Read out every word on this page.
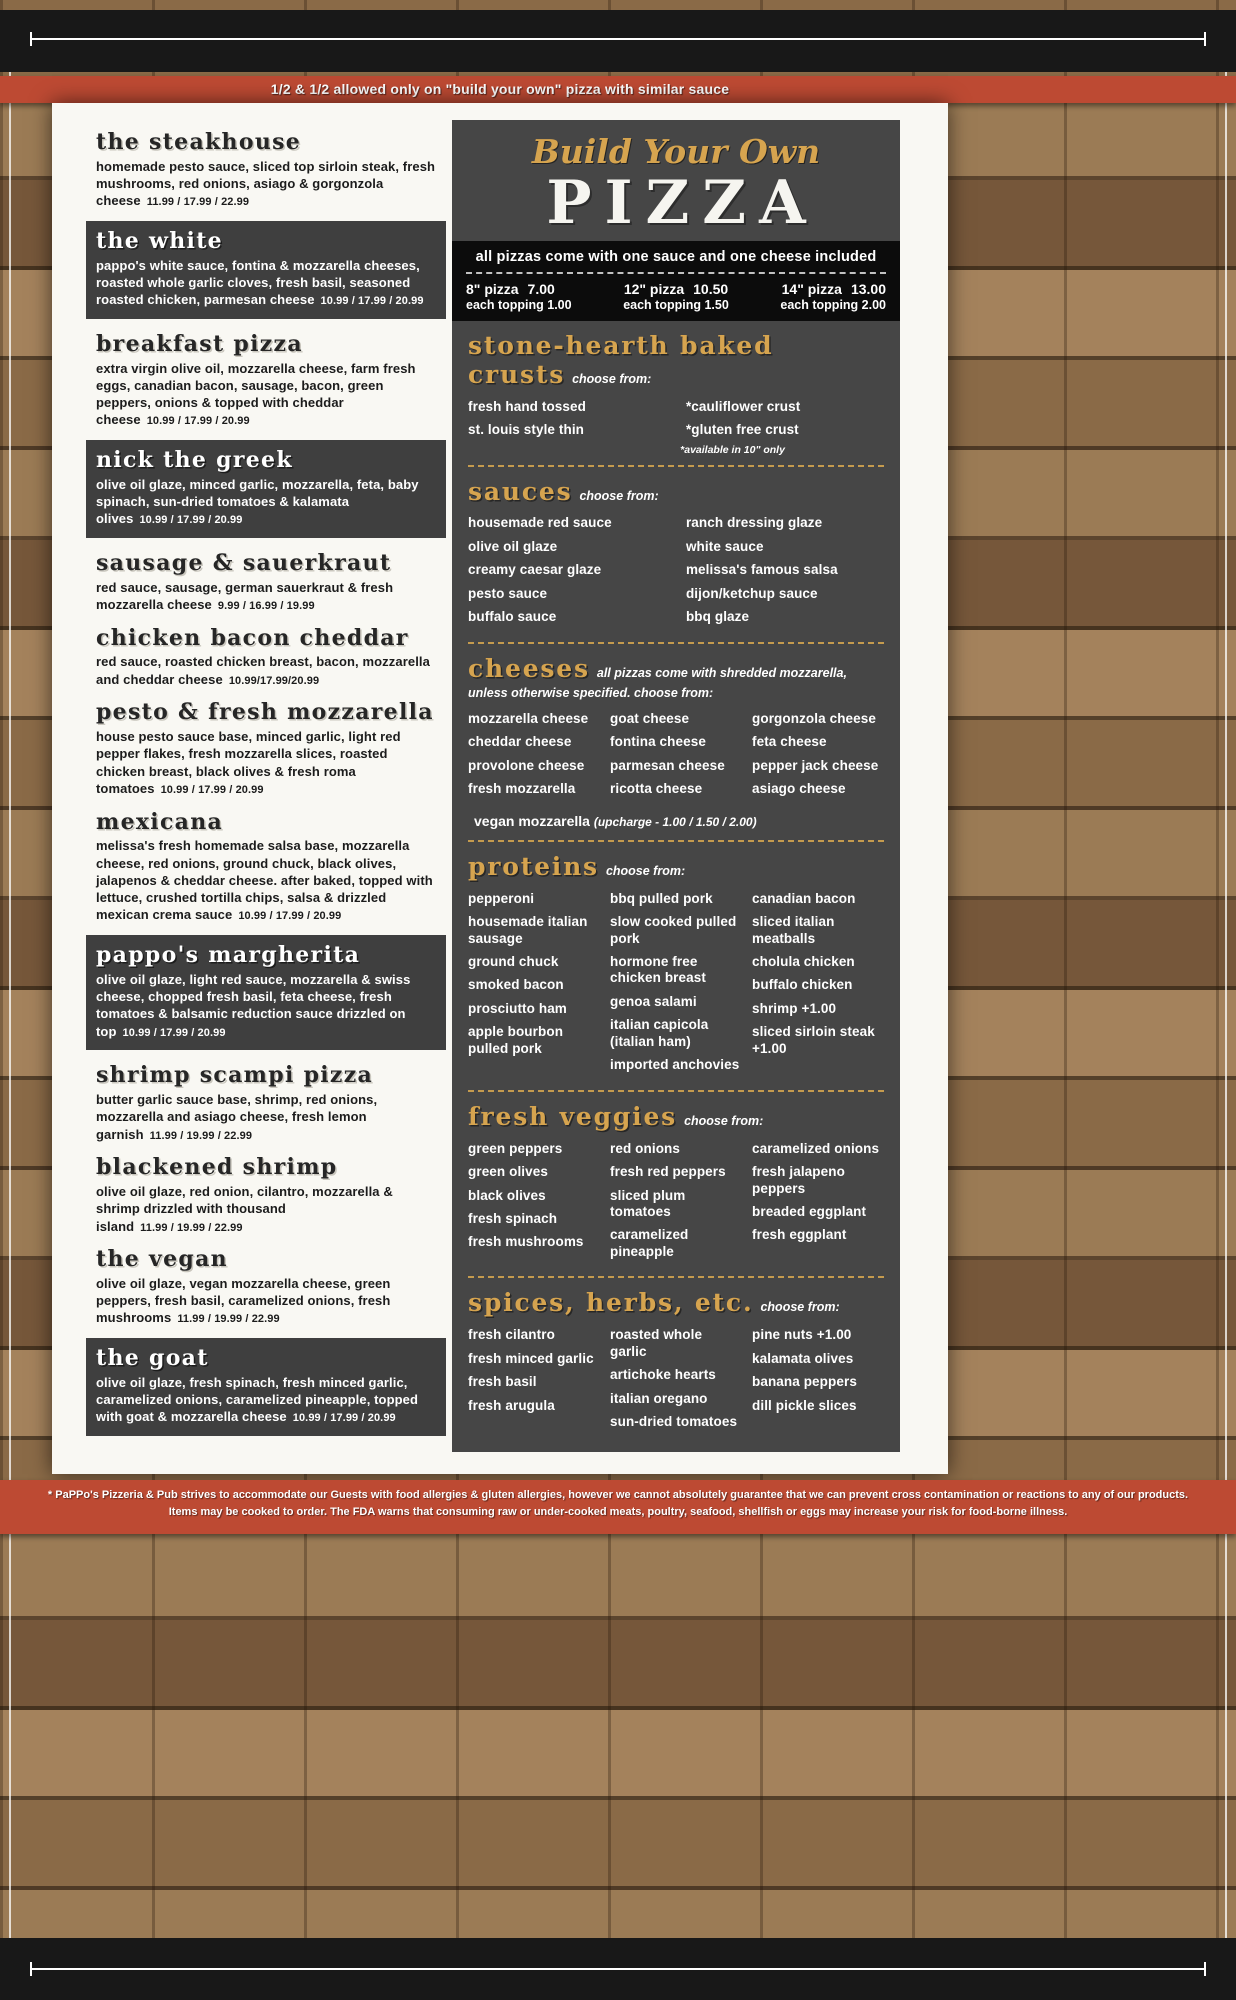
1/2 & 1/2 allowed only on "build your own" pizza with similar sauce
the steakhouse

homemade pesto sauce, sliced top sirloin steak, fresh mushrooms, red onions, asiago & gorgonzola cheese 11.99 / 17.99 / 22.99

the white

pappo's white sauce, fontina & mozzarella cheeses, roasted whole garlic cloves, fresh basil, seasoned roasted chicken, parmesan cheese 10.99 / 17.99 / 20.99

breakfast pizza

extra virgin olive oil, mozzarella cheese, farm fresh eggs, canadian bacon, sausage, bacon, green peppers, onions & topped with cheddar cheese 10.99 / 17.99 / 20.99

nick the greek

olive oil glaze, minced garlic, mozzarella, feta, baby spinach, sun-dried tomatoes & kalamata olives 10.99 / 17.99 / 20.99

sausage & sauerkraut

red sauce, sausage, german sauerkraut & fresh mozzarella cheese 9.99 / 16.99 / 19.99

chicken bacon cheddar

red sauce, roasted chicken breast, bacon, mozzarella and cheddar cheese 10.99/17.99/20.99

pesto & fresh mozzarella

house pesto sauce base, minced garlic, light red pepper flakes, fresh mozzarella slices, roasted chicken breast, black olives & fresh roma tomatoes 10.99 / 17.99 / 20.99

mexicana

melissa's fresh homemade salsa base, mozzarella cheese, red onions, ground chuck, black olives, jalapenos & cheddar cheese. after baked, topped with lettuce, crushed tortilla chips, salsa & drizzled mexican crema sauce 10.99 / 17.99 / 20.99

pappo's margherita

olive oil glaze, light red sauce, mozzarella & swiss cheese, chopped fresh basil, feta cheese, fresh tomatoes & balsamic reduction sauce drizzled on top 10.99 / 17.99 / 20.99

shrimp scampi pizza

butter garlic sauce base, shrimp, red onions, mozzarella and asiago cheese, fresh lemon garnish 11.99 / 19.99 / 22.99

blackened shrimp

olive oil glaze, red onion, cilantro, mozzarella & shrimp drizzled with thousand island 11.99 / 19.99 / 22.99

the vegan

olive oil glaze, vegan mozzarella cheese, green peppers, fresh basil, caramelized onions, fresh mushrooms 11.99 / 19.99 / 22.99

the goat

olive oil glaze, fresh spinach, fresh minced garlic, caramelized onions, caramelized pineapple, topped with goat & mozzarella cheese 10.99 / 17.99 / 20.99

Build Your Own
PIZZA
all pizzas come with one sauce and one cheese included
8" pizza 7.00
each topping 1.00
12" pizza 10.50
each topping 1.50
14" pizza 13.00
each topping 2.00
stone-hearth baked crusts choose from:
fresh hand tossed
st. louis style thin
*cauliflower crust
*gluten free crust
*available in 10" only
sauces choose from:
housemade red sauce
olive oil glaze
creamy caesar glaze
pesto sauce
buffalo sauce
ranch dressing glaze
white sauce
melissa's famous salsa
dijon/ketchup sauce
bbq glaze
cheeses all pizzas come with shredded mozzarella, unless otherwise specified. choose from:
mozzarella cheese
cheddar cheese
provolone cheese
fresh mozzarella
goat cheese
fontina cheese
parmesan cheese
ricotta cheese
gorgonzola cheese
feta cheese
pepper jack cheese
asiago cheese
vegan mozzarella (upcharge - 1.00 / 1.50 / 2.00)
proteins choose from:
pepperoni
housemade italian sausage
ground chuck
smoked bacon
prosciutto ham
apple bourbon pulled pork
bbq pulled pork
slow cooked pulled pork
hormone free chicken breast
genoa salami
italian capicola (italian ham)
imported anchovies
canadian bacon
sliced italian meatballs
cholula chicken
buffalo chicken
shrimp +1.00
sliced sirloin steak +1.00
fresh veggies choose from:
green peppers
green olives
black olives
fresh spinach
fresh mushrooms
red onions
fresh red peppers
sliced plum tomatoes
caramelized pineapple
caramelized onions
fresh jalapeno peppers
breaded eggplant
fresh eggplant
spices, herbs, etc. choose from:
fresh cilantro
fresh minced garlic
fresh basil
fresh arugula
roasted whole garlic
artichoke hearts
italian oregano
sun-dried tomatoes
pine nuts +1.00
kalamata olives
banana peppers
dill pickle slices
* PaPPo's Pizzeria & Pub strives to accommodate our Guests with food allergies & gluten allergies, however we cannot absolutely guarantee that we can prevent cross contamination or reactions to any of our products. Items may be cooked to order. The FDA warns that consuming raw or under-cooked meats, poultry, seafood, shellfish or eggs may increase your risk for food-borne illness.
